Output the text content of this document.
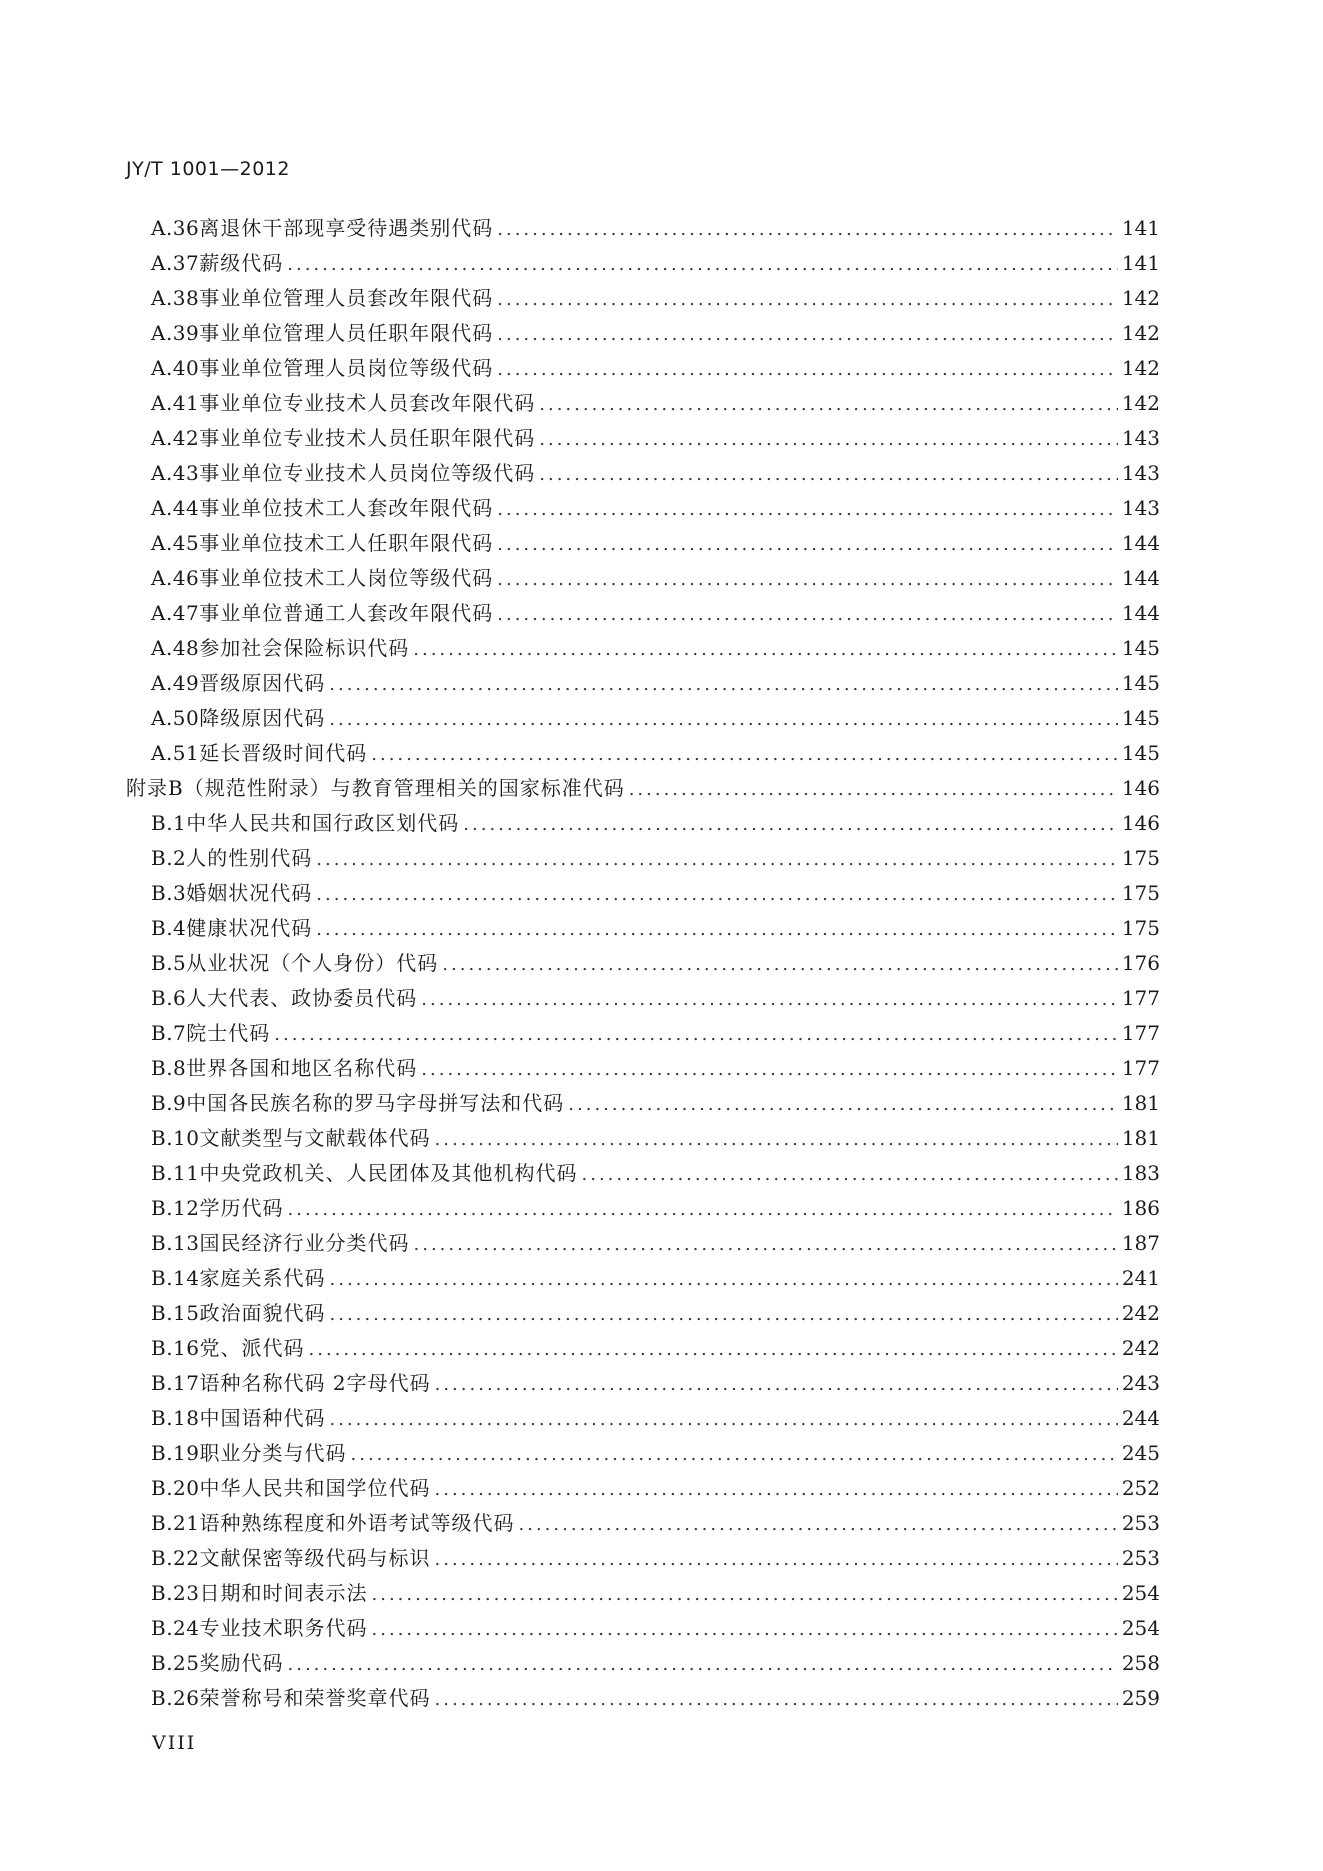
JY/T 1001—2012
A.36 离退休干部现享受待遇类别代码 .....	141
A.37 薪级代码 .....	141
A.38 事业单位管理人员套改年限代码 .....	142
A.39 事业单位管理人员任职年限代码 .....	142
A.40 事业单位管理人员岗位等级代码 .....	142
A.41 事业单位专业技术人员套改年限代码 .....	142
A.42 事业单位专业技术人员任职年限代码 .....	143
A.43 事业单位专业技术人员岗位等级代码 .....	143
A.44 事业单位技术工人套改年限代码 .....	143
A.45 事业单位技术工人任职年限代码 .....	144
A.46 事业单位技术工人岗位等级代码 .....	144
A.47 事业单位普通工人套改年限代码 .....	144
A.48 参加社会保险标识代码 .....	145
A.49 晋级原因代码 .....	145
A.50 降级原因代码 .....	145
A.51 延长晋级时间代码 .....	145
附录B（规范性附录）与教育管理相关的国家标准代码 .....	146
B.1 中华人民共和国行政区划代码 .....	146
B.2 人的性别代码 .....	175
B.3 婚姻状况代码 .....	175
B.4 健康状况代码 .....	175
B.5 从业状况（个人身份）代码 .....	176
B.6 人大代表、政协委员代码 .....	177
B.7 院士代码 .....	177
B.8 世界各国和地区名称代码 .....	177
B.9 中国各民族名称的罗马字母拼写法和代码 .....	181
B.10 文献类型与文献载体代码 .....	181
B.11 中央党政机关、人民团体及其他机构代码 .....	183
B.12 学历代码 .....	186
B.13 国民经济行业分类代码 .....	187
B.14 家庭关系代码 .....	241
B.15 政治面貌代码 .....	242
B.16 党、派代码 .....	242
B.17 语种名称代码 2字母代码 .....	243
B.18 中国语种代码 .....	244
B.19 职业分类与代码 .....	245
B.20 中华人民共和国学位代码 .....	252
B.21 语种熟练程度和外语考试等级代码 .....	253
B.22 文献保密等级代码与标识 .....	253
B.23 日期和时间表示法 .....	254
B.24 专业技术职务代码 .....	254
B.25 奖励代码 .....	258
B.26 荣誉称号和荣誉奖章代码 .....	259
VIII
